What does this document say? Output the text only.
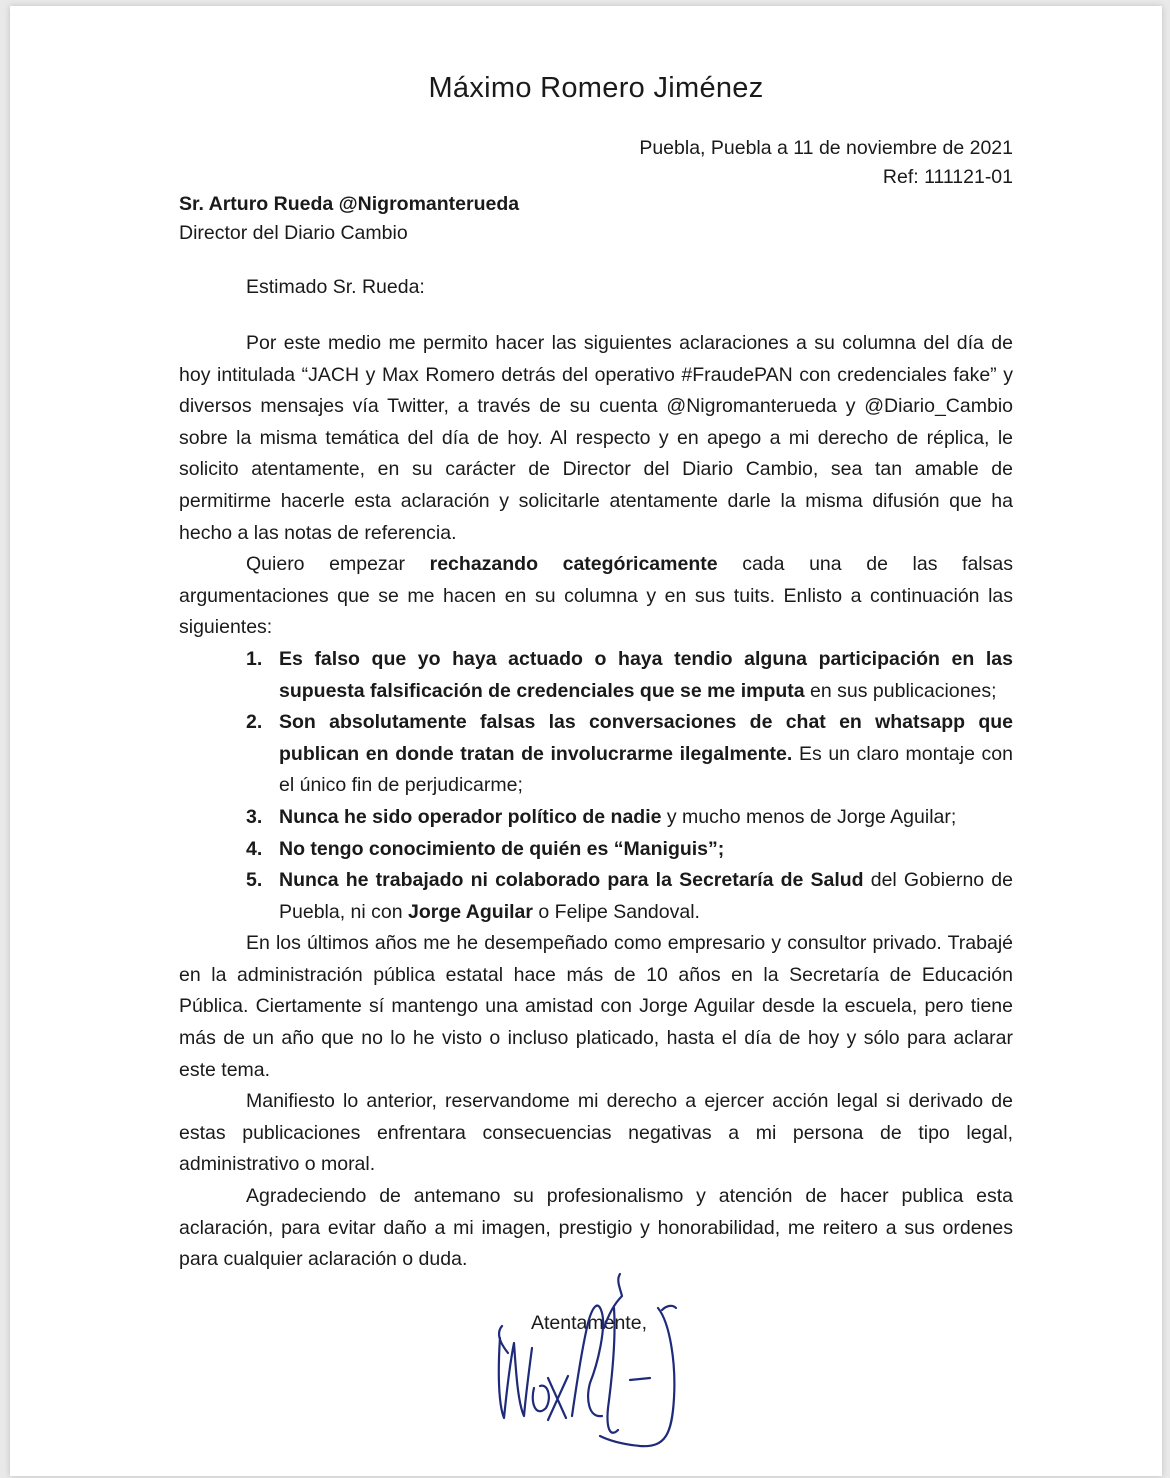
Máximo Romero Jiménez
Puebla, Puebla a 11 de noviembre de 2021
Ref: 111121-01
Sr. Arturo Rueda @Nigromanterueda
Director del Diario Cambio
Estimado Sr. Rueda:

Por este medio me permito hacer las siguientes aclaraciones a su columna del día de hoy intitulada “JACH y Max Romero detrás del operativo #FraudePAN con credenciales fake” y diversos mensajes vía Twitter, a través de su cuenta @Nigromanterueda y @Diario_Cambio sobre la misma temática del día de hoy. Al respecto y en apego a mi derecho de réplica, le solicito atentamente, en su carácter de Director del Diario Cambio, sea tan amable de permitirme hacerle esta aclaración y solicitarle atentamente darle la misma difusión que ha hecho a las notas de referencia.

Quiero empezar rechazando categóricamente cada una de las falsas argumentaciones que se me hacen en su columna y en sus tuits. Enlisto a continuación las siguientes:

1. Es falso que yo haya actuado o haya tendio alguna participación en las supuesta falsificación de credenciales que se me imputa en sus publicaciones;
2. Son absolutamente falsas las conversaciones de chat en whatsapp que publican en donde tratan de involucrarme ilegalmente. Es un claro montaje con el único fin de perjudicarme;
3. Nunca he sido operador político de nadie y mucho menos de Jorge Aguilar;
4. No tengo conocimiento de quién es “Maniguis”;
5. Nunca he trabajado ni colaborado para la Secretaría de Salud del Gobierno de Puebla, ni con Jorge Aguilar o Felipe Sandoval.

En los últimos años me he desempeñado como empresario y consultor privado. Trabajé en la administración pública estatal hace más de 10 años en la Secretaría de Educación Pública. Ciertamente sí mantengo una amistad con Jorge Aguilar desde la escuela, pero tiene más de un año que no lo he visto o incluso platicado, hasta el día de hoy y sólo para aclarar este tema.

Manifiesto lo anterior, reservandome mi derecho a ejercer acción legal si derivado de estas publicaciones enfrentara consecuencias negativas a mi persona de tipo legal, administrativo o moral.

Agradeciendo de antemano su profesionalismo y atención de hacer publica esta aclaración, para evitar daño a mi imagen, prestigio y honorabilidad, me reitero a sus ordenes para cualquier aclaración o duda.

Atentamente,
